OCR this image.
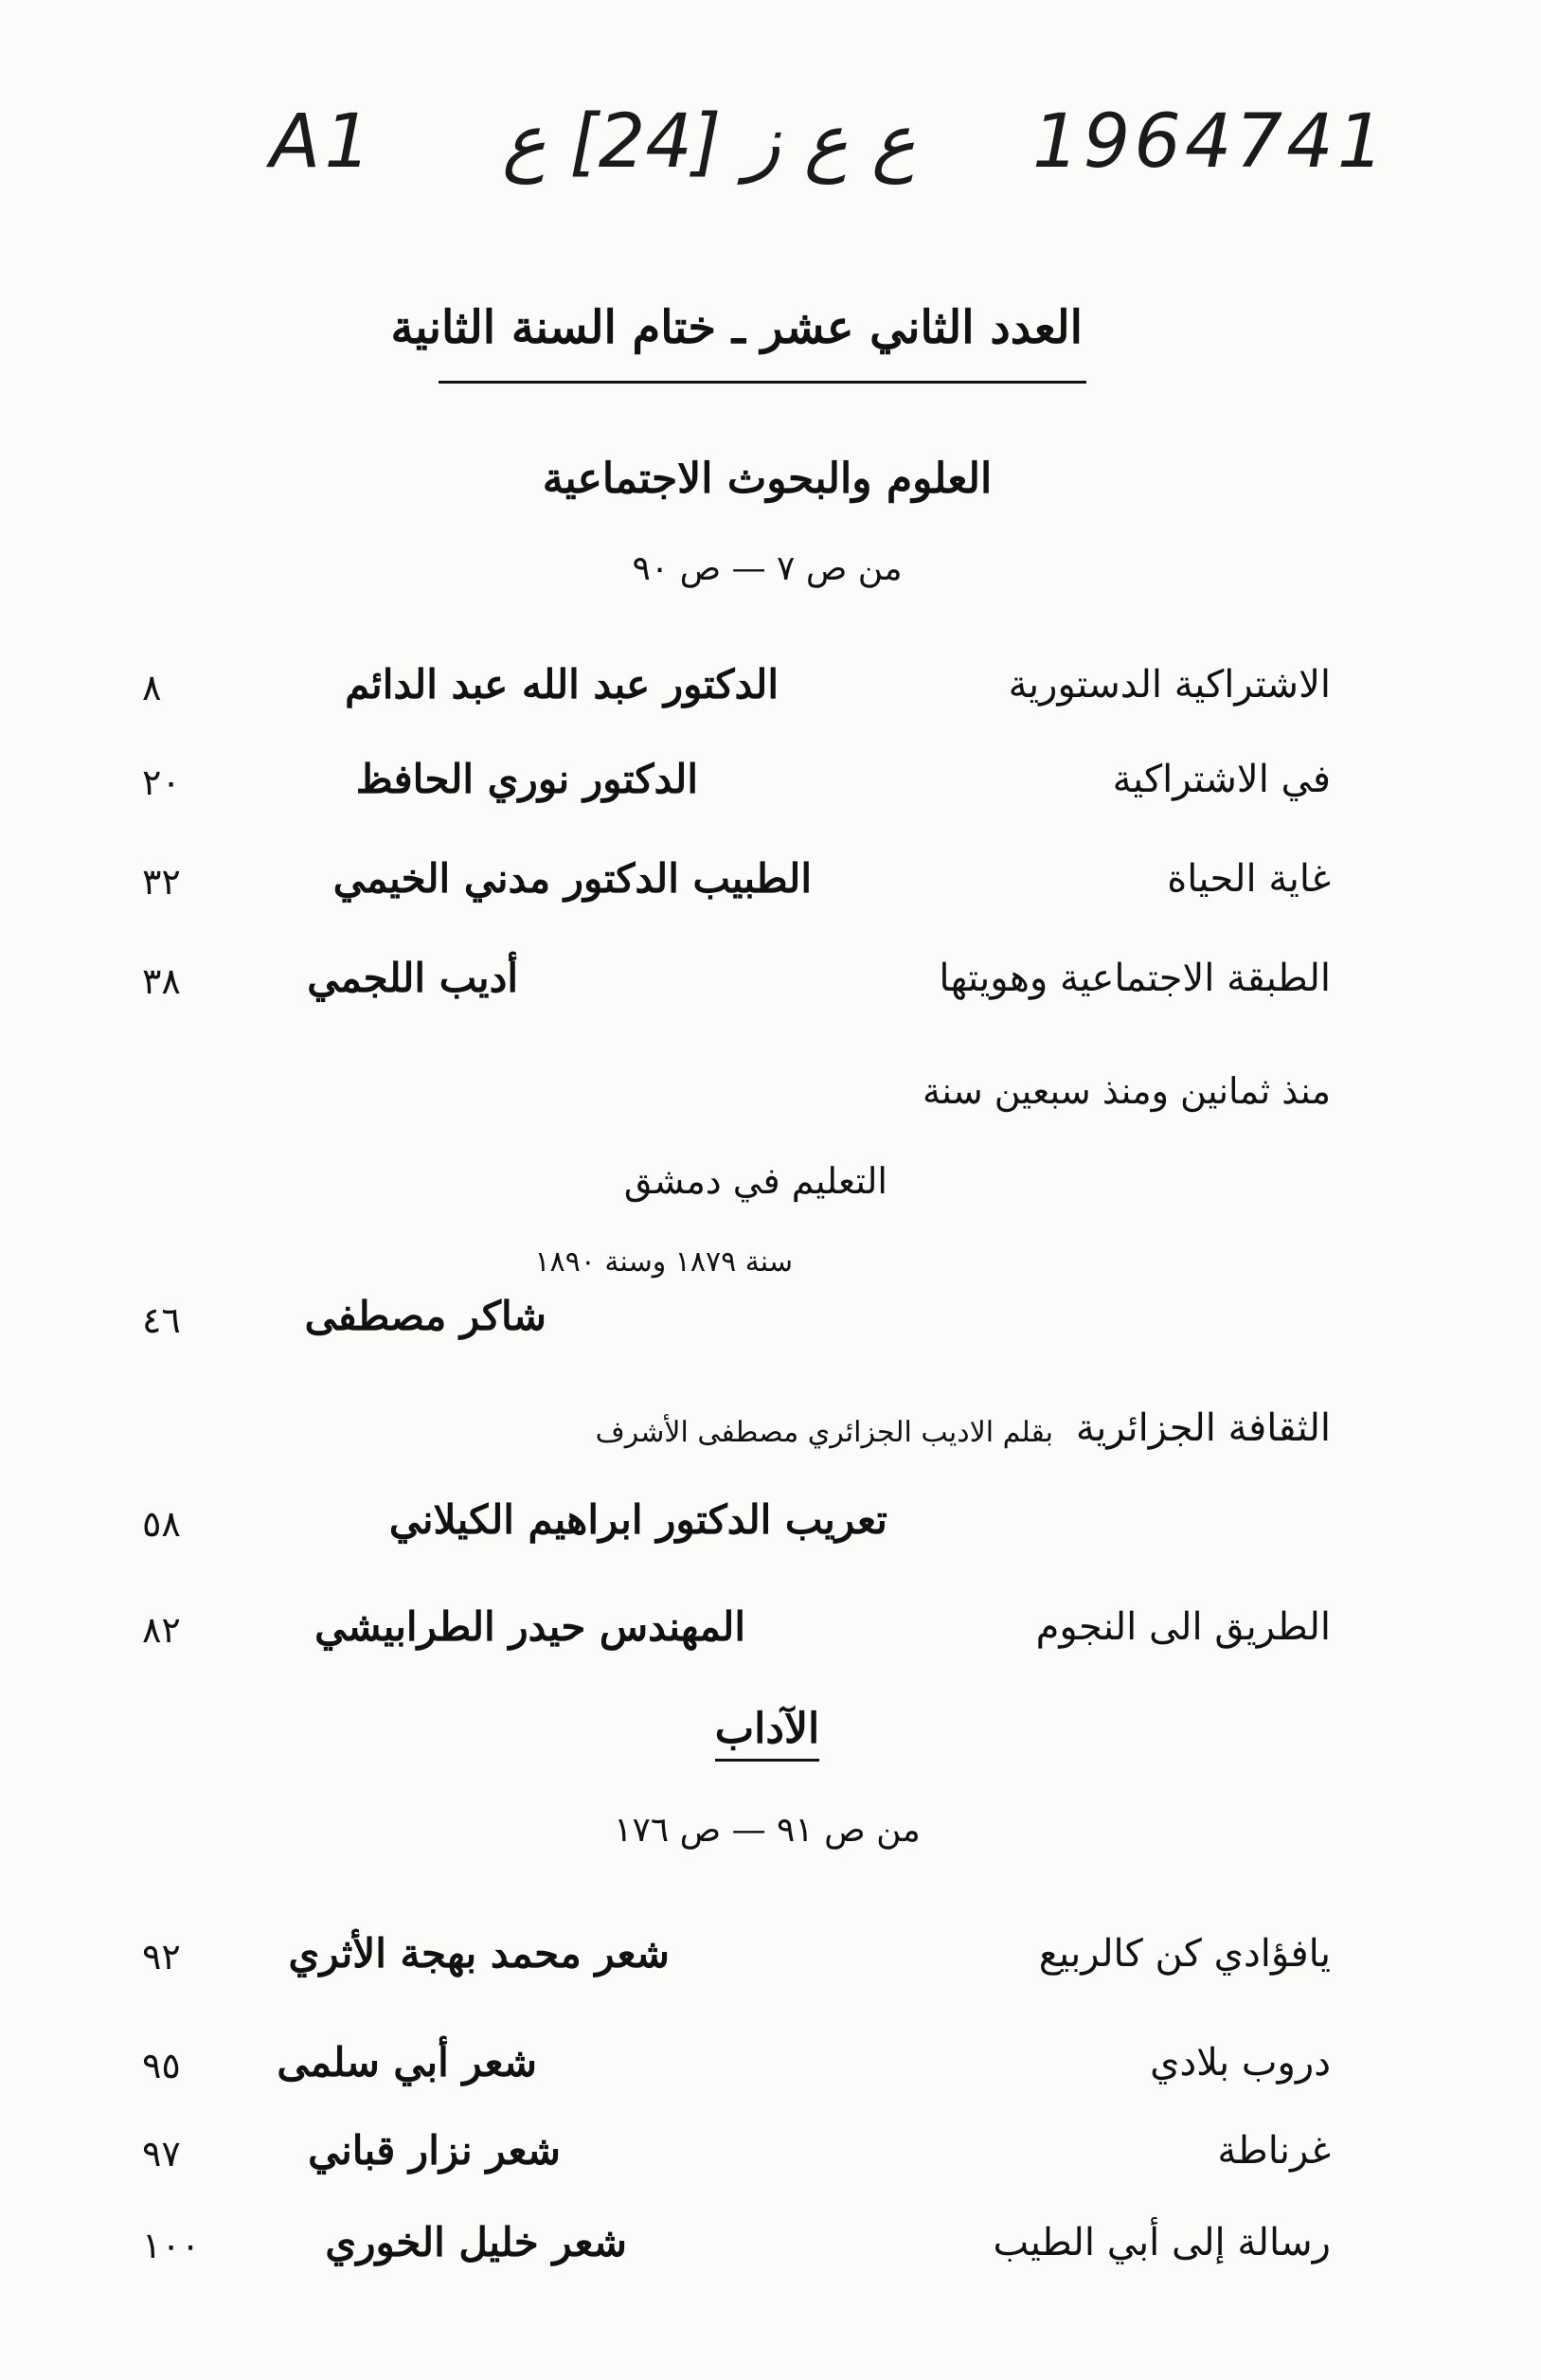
A1 ع ع ز [24] ع 1964741
العدد الثاني عشر ـ ختام السنة الثانية
العلوم والبحوث الاجتماعية
من ص ٧ — ص ٩٠
الاشتراكية الدستورية
الدكتور عبد الله عبد الدائم
٨
في الاشتراكية
الدكتور نوري الحافظ
٢٠
غاية الحياة
الطبيب الدكتور مدني الخيمي
٣٢
الطبقة الاجتماعية وهويتها
أديب اللجمي
٣٨
منذ ثمانين ومنذ سبعين سنة
التعليم في دمشق
سنة ١٨٧٩ وسنة ١٨٩٠
شاكر مصطفى
٤٦
الثقافة الجزائرية
بقلم الاديب الجزائري مصطفى الأشرف
تعريب الدكتور ابراهيم الكيلاني
٥٨
الطريق الى النجوم
المهندس حيدر الطرابيشي
٨٢
الآداب
من ص ٩١ — ص ١٧٦
يافؤادي كن كالربيع
شعر محمد بهجة الأثري
٩٢
دروب بلادي
شعر أبي سلمى
٩٥
غرناطة
شعر نزار قباني
٩٧
رسالة إلى أبي الطيب
شعر خليل الخوري
١٠٠
